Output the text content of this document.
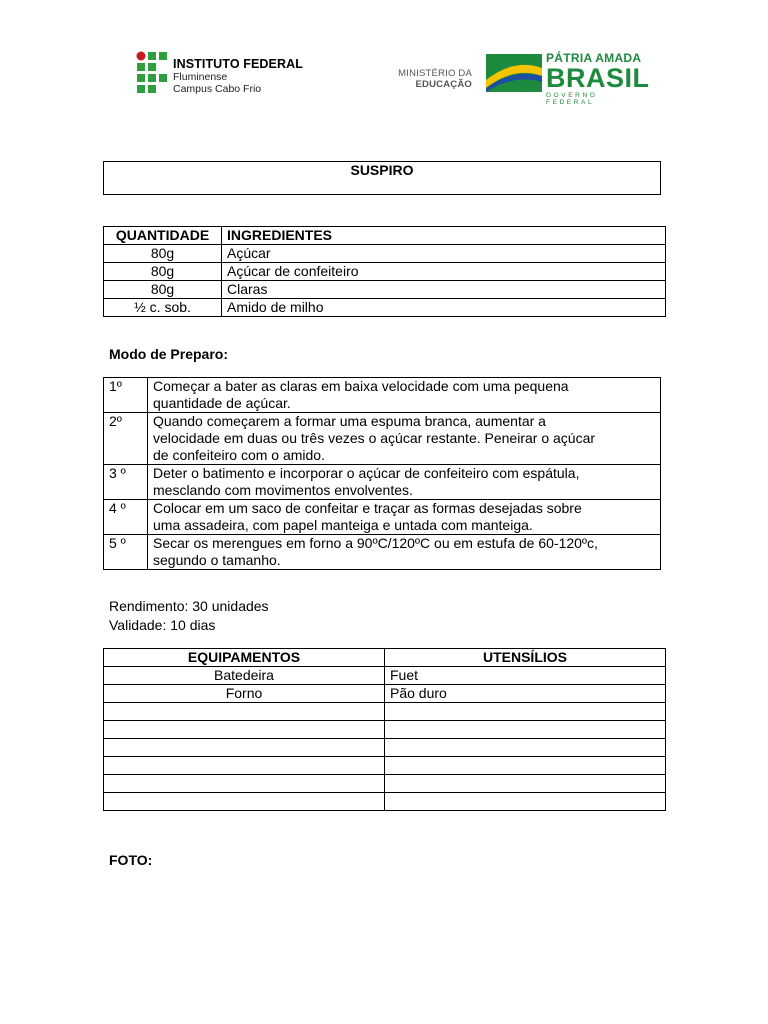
INSTITUTO FEDERAL
Fluminense
Campus Cabo Frio
MINISTÉRIO DA
EDUCAÇÃO
PÁTRIA AMADA
BRASIL
GOVERNO FEDERAL
SUSPIRO
QUANTIDADE	INGREDIENTES
80g	Açúcar
80g	Açúcar de confeiteiro
80g	Claras
½ c. sob.	Amido de milho
Modo de Preparo:
1º	Começar a bater as claras em baixa velocidade com uma pequena
quantidade de açúcar.

2º	Quando começarem a formar uma espuma branca, aumentar a
velocidade em duas ou três vezes o açúcar restante. Peneirar o açúcar
de confeiteiro com o amido.

3 º	Deter o batimento e incorporar o açúcar de confeiteiro com espátula,
mesclando com movimentos envolventes.

4 º	Colocar em um saco de confeitar e traçar as formas desejadas sobre
uma assadeira, com papel manteiga e untada com manteiga.

5 º	Secar os merengues em forno a 90ºC/120ºC ou em estufa de 60-120ºc,
segundo o tamanho.
Rendimento: 30 unidades
Validade: 10 dias
EQUIPAMENTOS	UTENSÍLIOS
Batedeira	Fuet
Forno	Pão duro

FOTO:
